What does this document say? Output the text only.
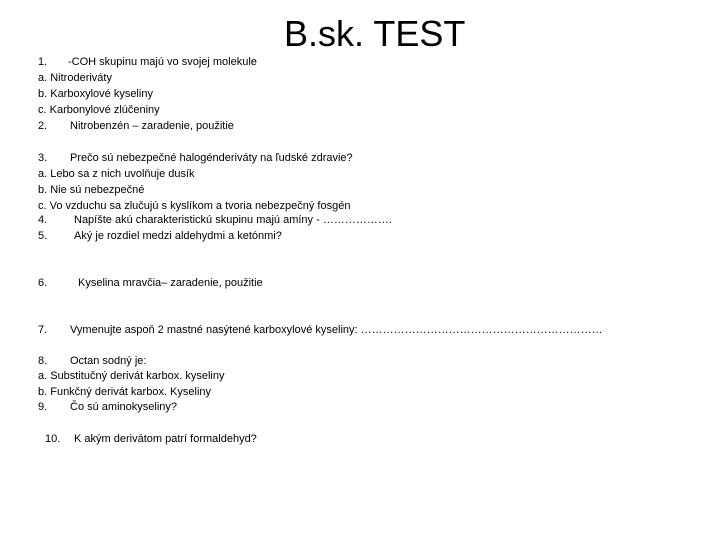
B.sk. TEST
1. -COH skupinu majú vo svojej molekule
a. Nitroderiváty
b. Karboxylové kyseliny
c. Karbonylové zlúčeniny
2. Nitrobenzén – zaradenie, použitie
3. Prečo sú nebezpečné halogénderiváty na ľudské zdravie?
a. Lebo sa z nich uvolňuje dusík
b. Nie sú nebezpečné
c. Vo vzduchu sa zlučujú s kyslíkom a tvoria nebezpečný fosgén
4. Napíšte akú charakteristickú skupinu majú amíny - ……………….
5. Aký je rozdiel medzi aldehydmi a ketónmi?
6.	Kyselina mravčia– zaradenie, použitie
7. Vymenujte aspoň 2 mastné nasýtené karboxylové kyseliny: …………………………………………………………
8. Octan sodný je:
a. Substitučný derivát karbox. kyseliny
b. Funkčný derivát karbox. Kyseliny
9. Čo sú aminokyseliny?
10. K akým derivátom patrí formaldehyd?
